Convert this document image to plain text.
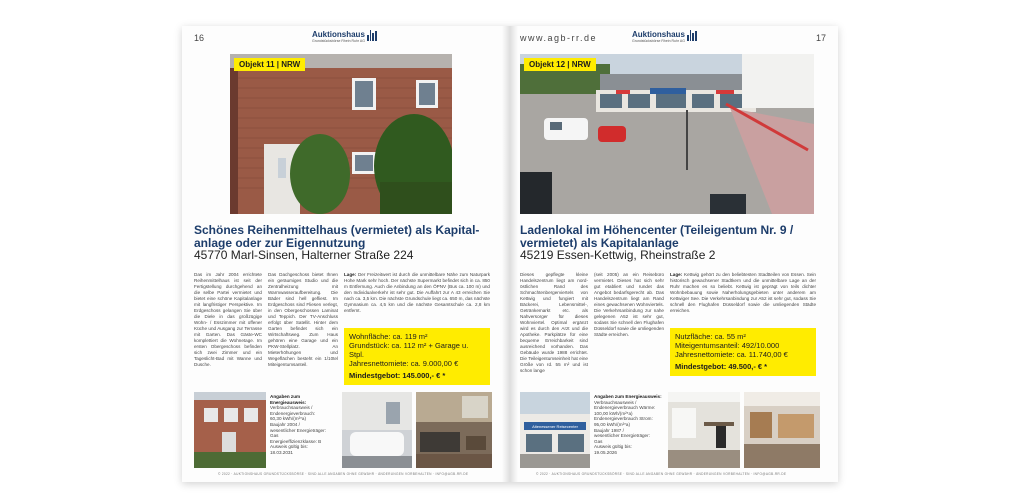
16	Auktionshaus
Grundstücksbörse Rhein Ruhr AG
Objekt 11 | NRW
Schönes Reihenmittelhaus (vermietet) als Kapital-anlage oder zur Eigennutzung
45770 Marl-Sinsen, Halterner Straße 224
Das im Jahr 2004 errichtete Reihenmittelhaus ist seit der Fertigstellung durchgehend an die selbe Partei vermietet und bietet eine schöne Kapitalanlage mit langfristiger Perspektive. Im Erdgeschoss gelangen Sie über die Diele in das großzügige Wohn- / Esszimmer mit offener Küche und Ausgang zur Terrasse mit Garten. Das Gäste-WC komplettiert die Wohnetage. Im ersten Obergeschoss befinden sich zwei Zimmer und ein Tageslicht-Bad mit Wanne und Dusche.
Das Dachgeschoss bietet Ihnen ein geräumiges Studio und die Zentralheizung mit Warmwasseraufbereitung. Die Bäder sind hell gefliest. Im Erdgeschoss sind Fliesen verlegt, in den Obergeschossen Laminat und Teppich. Der TV-Anschluss erfolgt über Satellit. Hinter dem Garten befindet sich ein Wirtschaftsweg. Zum Haus gehören eine Garage und ein PKW-Stellplatz. An Mieterhöhungen und Wegeflächen besteht ein 1/10tel Miteigentumsanteil.
Lage: Der Freizeitwert ist durch die unmittelbare Nähe zum Naturpark Hohe Mark sehr hoch. Der nächste Supermarkt befindet sich in ca. 850 m Entfernung. Auch die Anbindung an den ÖPNV (Bus ca. 100 m) und den Individualverkehr ist sehr gut. Die Auffahrt zur A 43 erreichen Sie nach ca. 3,5 km. Die nächste Grundschule liegt ca. 650 m, das nächste Gymnasium ca. 4,5 km und die nächste Gesamtschule ca. 2,8 km entfernt.
Wohnfläche: ca. 119 m²
Grundstück: ca. 112 m² + Garage u. Stpl.
Jahresnettomiete: ca. 9.000,00 €
Mindestgebot: 145.000,- € *
Angaben zum Energieausweis:
Verbrauchsausweis / Endenergieverbrauch:
60,30 kWh/(m²*a)
Baujahr 2004 /
wesentlicher Energieträger:
Gas
Energieeffizienzklasse: B
Ausweis gültig bis:
18.03.2031
© 2022 · AUKTIONSHAUS GRUNDSTÜCKSBÖRSE · SIND ALLE ANGABEN OHNE GEWÄHR · ÄNDERUNGEN VORBEHALTEN · INFO@AGB-RR.DE
www.agb-rr.de	17
Auktionshaus
Grundstücksbörse Rhein Ruhr AG
Objekt 12 | NRW
Ladenlokal im Höhencenter (Teileigentum Nr. 9 / vermietet) als Kapitalanlage
45219 Essen-Kettwig, Rheinstraße 2
Dieses gepflegte kleine Handelszentrum liegt am nord-östlichen Rand des Schmachtenbergerviertels von Kettwig und fungiert mit Bäckerei, Lebensmittel-, Getränkemarkt etc. als Nahversorger für dieses Wohnviertel. Optimal ergänzt wird es durch den Arzt und die Apotheke. Parkplätze für eine bequeme Erreichbarkeit sind ausreichend vorhanden. Das Gebäude wurde 1988 errichtet. Die Teileigentumseinheit hat eine Größe von rd. 55 m² und ist schon lange
(seit 2005) an ein Reisebüro vermietet. Dieses hat sich sehr gut etabliert und rundet das Angebot bedarfsgerecht ab. Das Handelszentrum liegt am Rand eines gewachsenen Wohnviertels. Die Verkehrsanbindung zur nahe gelegenen A52 ist sehr gut, sodass Sie schnell den Flughafen Düsseldorf sowie die umliegenden Städte erreichen.
Lage: Kettwig gehört zu den beliebtesten Stadtteilen von Essen. Sein historisch gewachsener Stadtkern und die unmittelbare Lage an der Ruhr machen es so beliebt. Kettwig ist geprägt von teils dichter Wohnbebauung sowie Naherholungsgebieten unter anderem am Kettwiger See. Die Verkehrsanbindung zur A52 ist sehr gut, sodass Sie schnell den Flughafen Düsseldorf sowie die umliegenden Städte erreichen.
Nutzfläche: ca. 55 m²
Miteigentumsanteil: 492/10.000
Jahresnettomiete: ca. 11.740,00 €
Mindestgebot: 49.500,- € *
Altenessener Reisecenter
Angaben zum Energieausweis:
Verbrauchsausweis / Endenergieverbrauch Wärme:
100,00 kWh/(m²*a)
Endenergieverbrauch Strom:
95,00 kWh/(m²*a)
Baujahr 1987 /
wesentlicher Energieträger:
Gas
Ausweis gültig bis:
19.05.2026
© 2022 · AUKTIONSHAUS GRUNDSTÜCKSBÖRSE · SIND ALLE ANGABEN OHNE GEWÄHR · ÄNDERUNGEN VORBEHALTEN · INFO@AGB-RR.DE
